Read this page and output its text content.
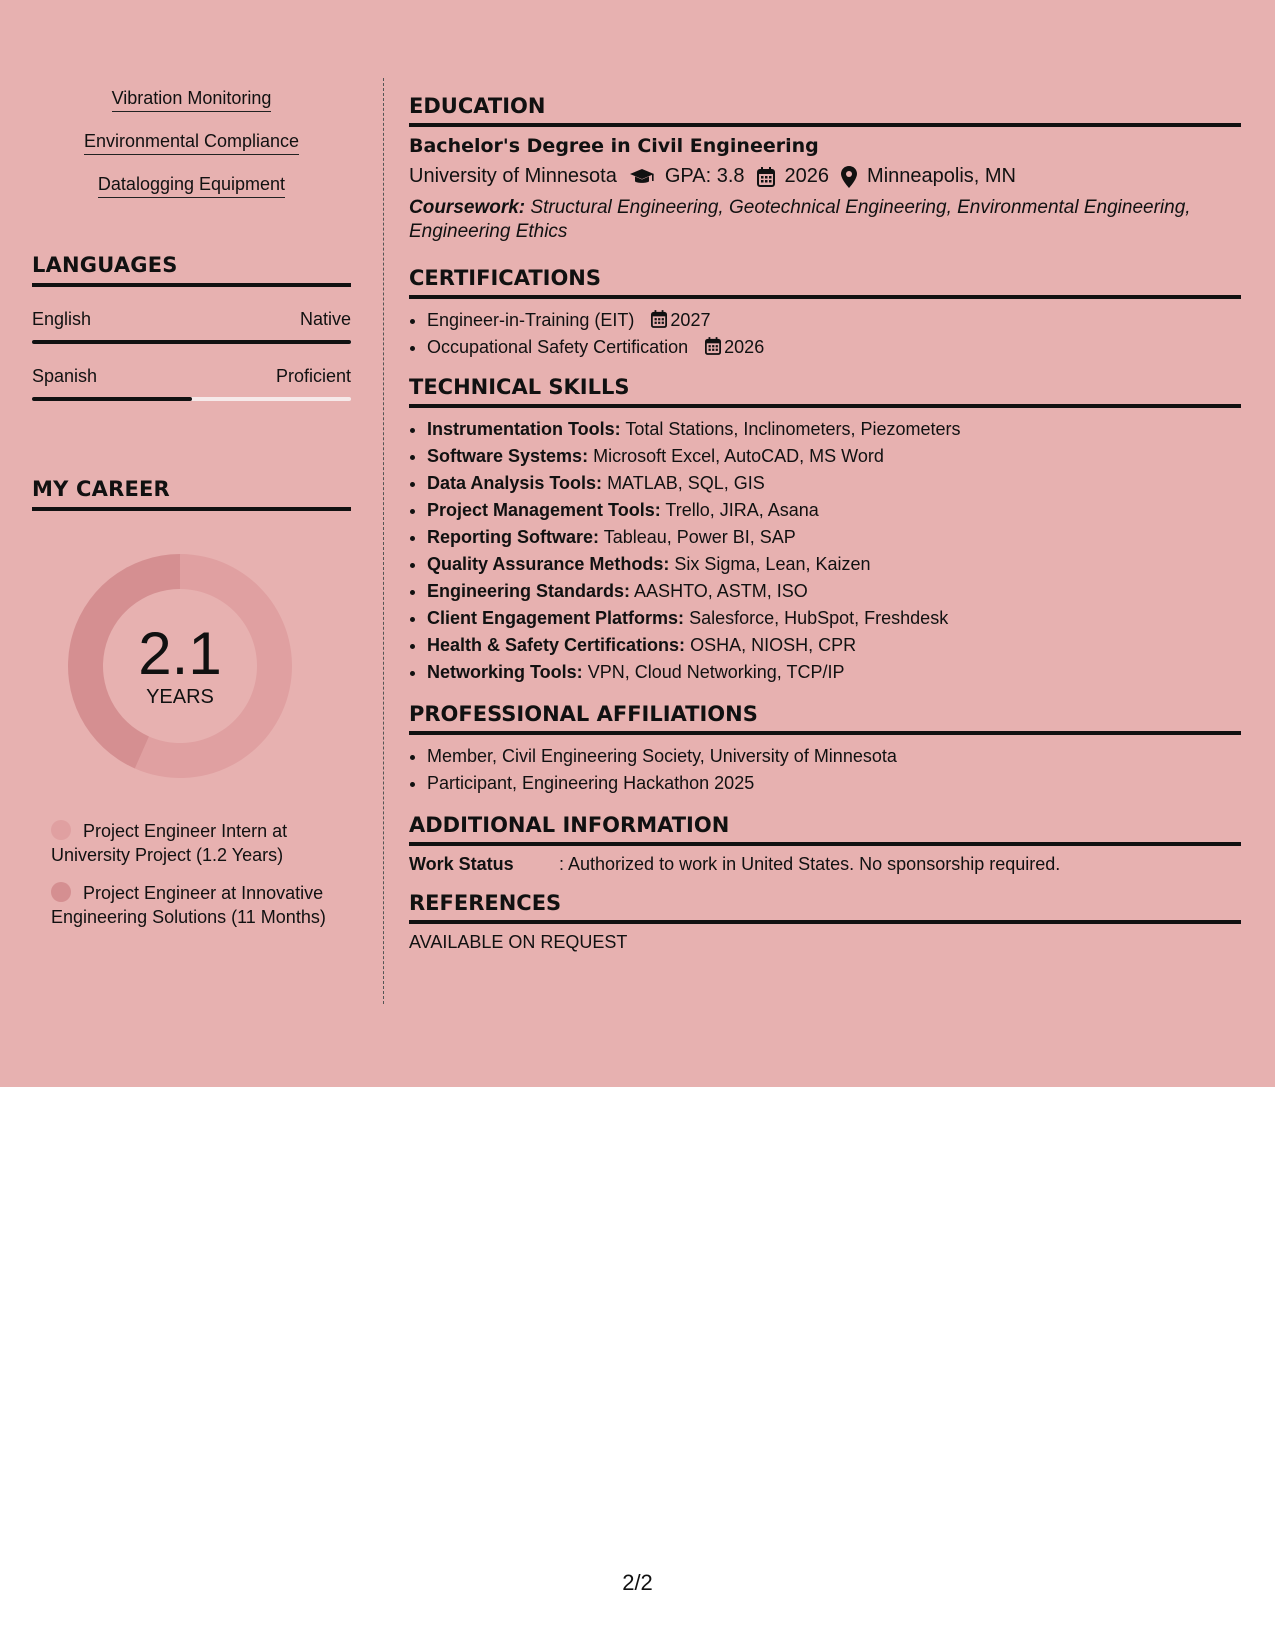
Vibration Monitoring
Environmental Compliance
Datalogging Equipment
LANGUAGES
English	Native
Spanish	Proficient
MY CAREER
2.1
YEARS
Project Engineer Intern at University Project (1.2 Years)
Project Engineer at Innovative Engineering Solutions (11 Months)
EDUCATION
Bachelor's Degree in Civil Engineering
University of Minnesota GPA: 3.8 2026 Minneapolis, MN
Coursework: Structural Engineering, Geotechnical Engineering, Environmental Engineering, Engineering Ethics
CERTIFICATIONS
• Engineer-in-Training (EIT) 2027
• Occupational Safety Certification 2026
TECHNICAL SKILLS
• Instrumentation Tools: Total Stations, Inclinometers, Piezometers
• Software Systems: Microsoft Excel, AutoCAD, MS Word
• Data Analysis Tools: MATLAB, SQL, GIS
• Project Management Tools: Trello, JIRA, Asana
• Reporting Software: Tableau, Power BI, SAP
• Quality Assurance Methods: Six Sigma, Lean, Kaizen
• Engineering Standards: AASHTO, ASTM, ISO
• Client Engagement Platforms: Salesforce, HubSpot, Freshdesk
• Health & Safety Certifications: OSHA, NIOSH, CPR
• Networking Tools: VPN, Cloud Networking, TCP/IP
PROFESSIONAL AFFILIATIONS
• Member, Civil Engineering Society, University of Minnesota
• Participant, Engineering Hackathon 2025
ADDITIONAL INFORMATION
Work Status	: Authorized to work in United States. No sponsorship required.
REFERENCES
AVAILABLE ON REQUEST
2/2
